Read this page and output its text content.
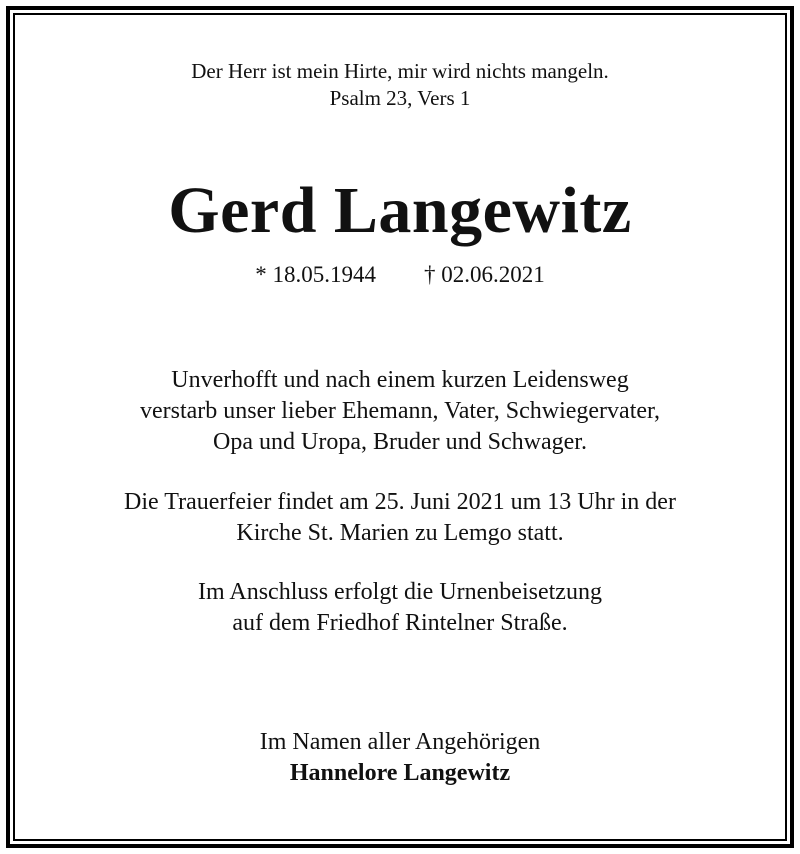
Der Herr ist mein Hirte, mir wird nichts mangeln.
Psalm 23, Vers 1
Gerd Langewitz
* 18.05.1944 † 02.06.2021
Unverhofft und nach einem kurzen Leidensweg
verstarb unser lieber Ehemann, Vater, Schwiegervater,
Opa und Uropa, Bruder und Schwager.
Die Trauerfeier findet am 25. Juni 2021 um 13 Uhr in der
Kirche St. Marien zu Lemgo statt.
Im Anschluss erfolgt die Urnenbeisetzung
auf dem Friedhof Rintelner Straße.
Im Namen aller Angehörigen
Hannelore Langewitz
